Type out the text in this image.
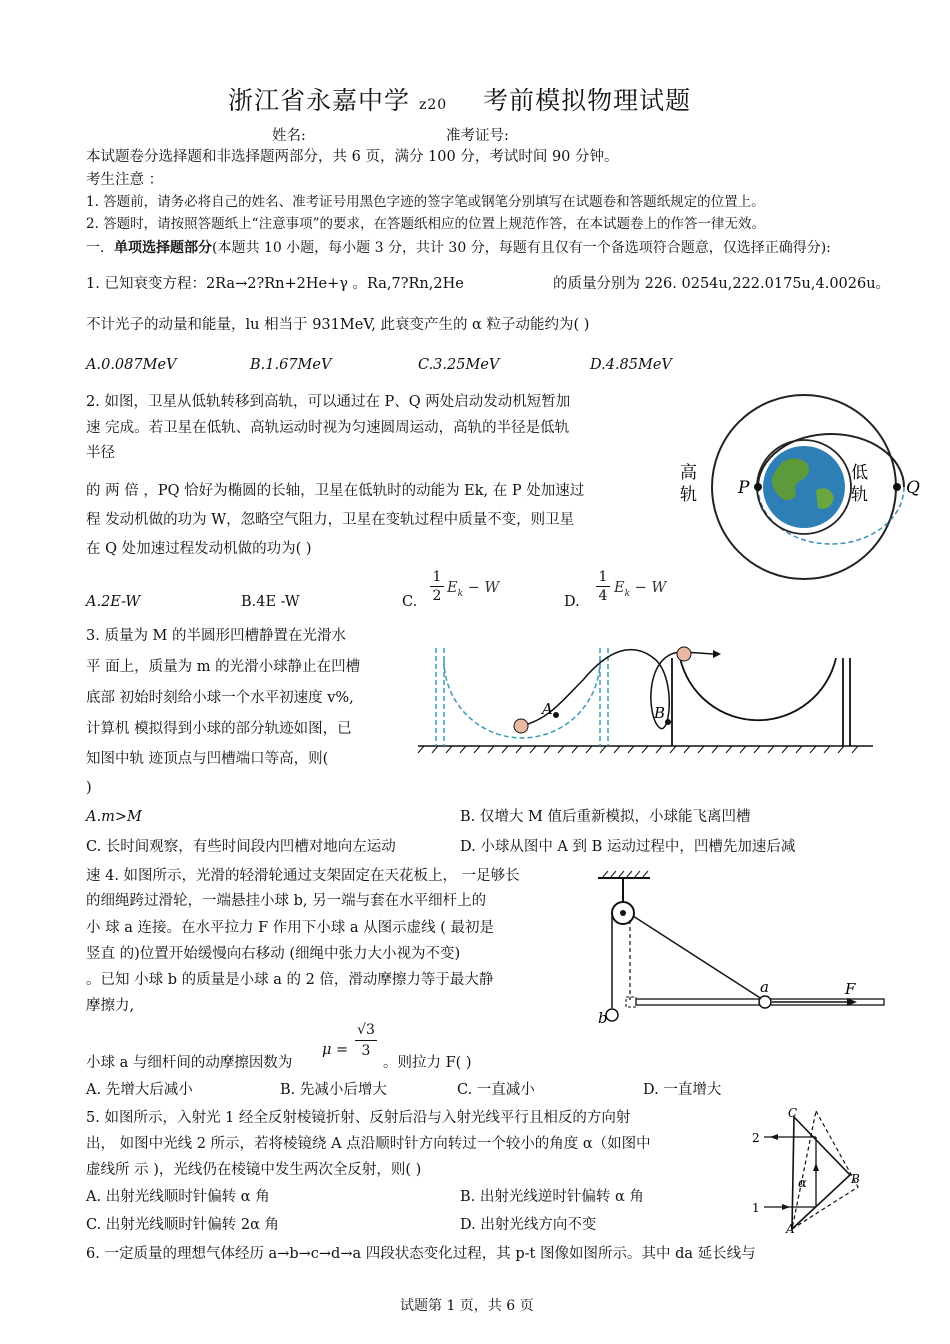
浙江省永嘉中学 z20 考前模拟物理试题
姓名:	准考证号:
本试题卷分选择题和非选择题两部分，共 6 页，满分 100 分，考试时间 90 分钟。
考生注意 ：
1. 答题前，请务必将自己的姓名、准考证号用黑色字迹的签字笔或钢笔分别填写在试题卷和答题纸规定的位置上。
2. 答题时，请按照答题纸上“注意事项”的要求，在答题纸相应的位置上规范作答，在本试题卷上的作答一律无效。
一．单项选择题部分(本题共 10 小题，每小题 3 分，共计 30 分，每题有且仅有一个备选项符合题意，仅选择正确得分):
1. 已知衰变方程：2Ra→2?Rn+2He+γ 。Ra,7?Rn,2He	的质量分别为 226. 0254u,222.0175u,4.0026u。
不计光子的动量和能量，lu 相当于 931MeV, 此衰变产生的 α 粒子动能约为( )
A.0.087MeV	B.1.67MeV	C.3.25MeV	D.4.85MeV
2. 如图，卫星从低轨转移到高轨，可以通过在 P、Q 两处启动发动机短暂加
速 完成。若卫星在低轨、高轨运动时视为匀速圆周运动，高轨的半径是低轨
半径
的 两 倍 ，PQ 恰好为椭圆的长轴，卫星在低轨时的动能为 Ek, 在 P 处加速过
程 发动机做的功为 W，忽略空气阻力，卫星在变轨过程中质量不变，则卫星
在 Q 处加速过程发动机做的功为( )
A.2E-W	B.4E -W	C. $\frac{1}{2} E_k - W$
D. $\frac{1}{4} E_k - W$
高
轨
低
轨
P	Q
3. 质量为 M 的半圆形凹槽静置在光滑水
平 面上，质量为 m 的光滑小球静止在凹槽
底部 初始时刻给小球一个水平初速度 v%,
计算机 模拟得到小球的部分轨迹如图，已
知图中轨 迹顶点与凹槽端口等高，则(
)
A.m>M	B. 仅增大 M 值后重新模拟，小球能飞离凹槽
C. 长时间观察，有些时间段内凹槽对地向左运动	D. 小球从图中 A 到 B 运动过程中，凹槽先加速后减
A	B
速 4. 如图所示，光滑的轻滑轮通过支架固定在天花板上， 一足够长
的细绳跨过滑轮，一端悬挂小球 b, 另一端与套在水平细杆上的
小 球 a 连接。在水平拉力 F 作用下小球 a 从图示虚线 ( 最初是
竖直 的)位置开始缓慢向右移动 (细绳中张力大小视为不变)
。已知 小球 b 的质量是小球 a 的 2 倍，滑动摩擦力等于最大静
摩擦力,
小球 a 与细杆间的动摩擦因数为
$\mu = \frac{√3}{3}$
。则拉力 F( )
A. 先增大后减小	B. 先减小后增大	C. 一直减小	D. 一直增大
a
b
F
5. 如图所示，入射光 1 经全反射棱镜折射、反射后沿与入射光线平行且相反的方向射
出， 如图中光线 2 所示，若将棱镜绕 A 点沿顺时针方向转过一个较小的角度 α（如图中
虚线所 示 )，光线仍在棱镜中发生两次全反射，则( )
A. 出射光线顺时针偏转 α 角	B. 出射光线逆时针偏转 α 角
C. 出射光线顺时针偏转 2α 角	D. 出射光线方向不变
C
2
1
α
A
B
6. 一定质量的理想气体经历 a→b→c→d→a 四段状态变化过程，其 p-t 图像如图所示。其中 da 延长线与
试题第 1 页，共 6 页
